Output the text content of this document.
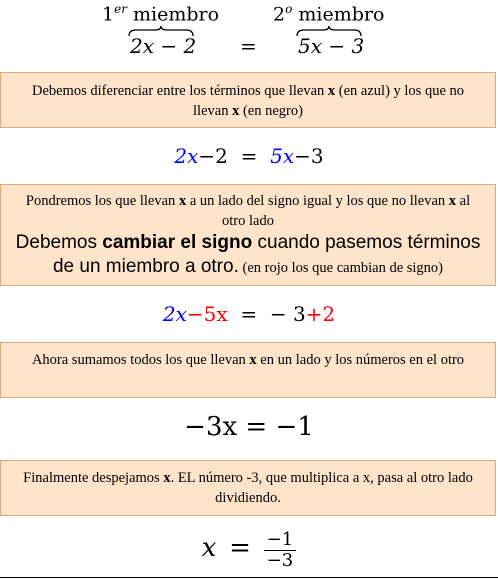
1er miembro	2$^o$ miembro
2x − 2 = 5x − 3
Debemos diferenciar entre los términos que llevan x (en azul) y los que no llevan x (en negro)
2x−2 = 5x−3
Pondremos los que llevan x a un lado del signo igual y los que no llevan x al otro lado
Debemos cambiar el signo cuando pasemos términos de un miembro a otro. (en rojo los que cambian de signo)
2x−5x = − 3+2
Ahora sumamos todos los que llevan x en un lado y los números en el otro
−3x = −1
Finalmente despejamos x. EL número -3, que multiplica a x, pasa al otro lado dividiendo.
$x = \frac{-1}{-3}$
